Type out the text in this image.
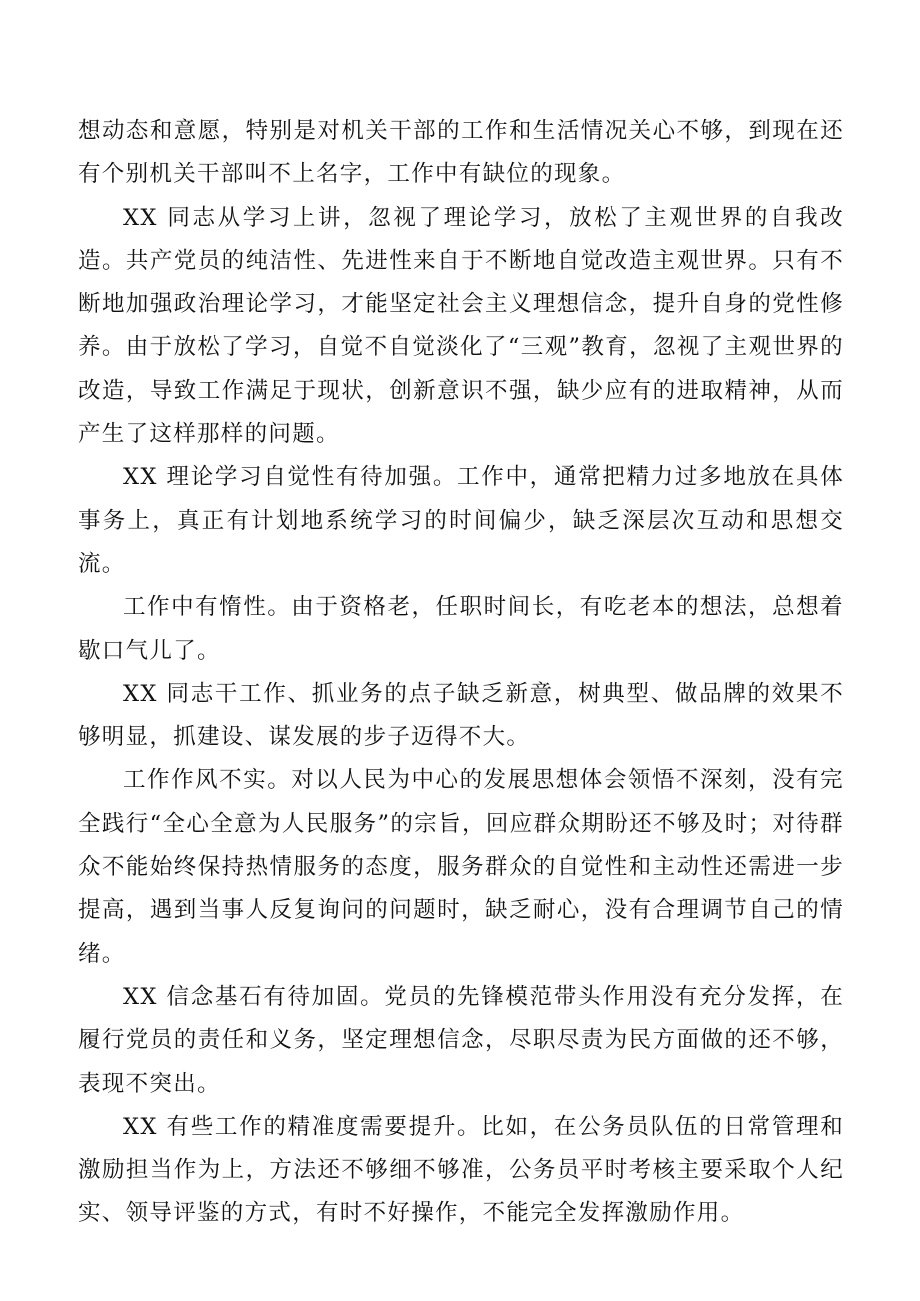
想动态和意愿，特别是对机关干部的工作和生活情况关心不够，到现在还有个别机关干部叫不上名字，工作中有缺位的现象。

XX 同志从学习上讲，忽视了理论学习，放松了主观世界的自我改造。共产党员的纯洁性、先进性来自于不断地自觉改造主观世界。只有不断地加强政治理论学习，才能坚定社会主义理想信念，提升自身的党性修养。由于放松了学习，自觉不自觉淡化了“三观”教育，忽视了主观世界的改造，导致工作满足于现状，创新意识不强，缺少应有的进取精神，从而产生了这样那样的问题。

XX 理论学习自觉性有待加强。工作中，通常把精力过多地放在具体事务上，真正有计划地系统学习的时间偏少，缺乏深层次互动和思想交流。

工作中有惰性。由于资格老，任职时间长，有吃老本的想法，总想着歇口气儿了。

XX 同志干工作、抓业务的点子缺乏新意，树典型、做品牌的效果不够明显，抓建设、谋发展的步子迈得不大。

工作作风不实。对以人民为中心的发展思想体会领悟不深刻，没有完全践行“全心全意为人民服务”的宗旨，回应群众期盼还不够及时；对待群众不能始终保持热情服务的态度，服务群众的自觉性和主动性还需进一步提高，遇到当事人反复询问的问题时，缺乏耐心，没有合理调节自己的情绪。

XX 信念基石有待加固。党员的先锋模范带头作用没有充分发挥，在履行党员的责任和义务，坚定理想信念，尽职尽责为民方面做的还不够，表现不突出。

XX 有些工作的精准度需要提升。比如，在公务员队伍的日常管理和激励担当作为上，方法还不够细不够准，公务员平时考核主要采取个人纪实、领导评鉴的方式，有时不好操作，不能完全发挥激励作用。
